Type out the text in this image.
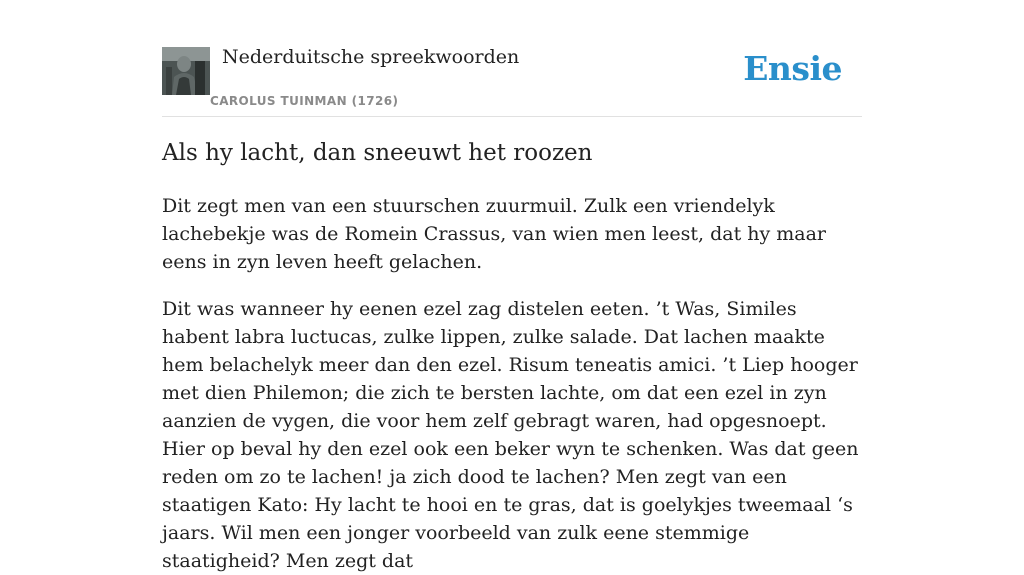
Nederduitsche spreekwoorden
CAROLUS TUINMAN (1726)
Ensie
Als hy lacht, dan sneeuwt het roozen

Dit zegt men van een stuurschen zuurmuil. Zulk een vriendelyk lachebekje was de Romein Crassus, van wien men leest, dat hy maar eens in zyn leven heeft gelachen.

Dit was wanneer hy eenen ezel zag distelen eeten. ’t Was, Similes habent labra luctucas, zulke lippen, zulke salade. Dat lachen maakte hem belachelyk meer dan den ezel. Risum teneatis amici. ’t Liep hooger met dien Philemon; die zich te bersten lachte, om dat een ezel in zyn aanzien de vygen, die voor hem zelf gebragt waren, had opgesnoept. Hier op beval hy den ezel ook een beker wyn te schenken. Was dat geen reden om zo te lachen! ja zich dood te lachen? Men zegt van een staatigen Kato: Hy lacht te hooi en te gras, dat is goelykjes tweemaal ‘s jaars. Wil men een jonger voorbeeld van zulk eene stemmige staatigheid? Men zegt dat
